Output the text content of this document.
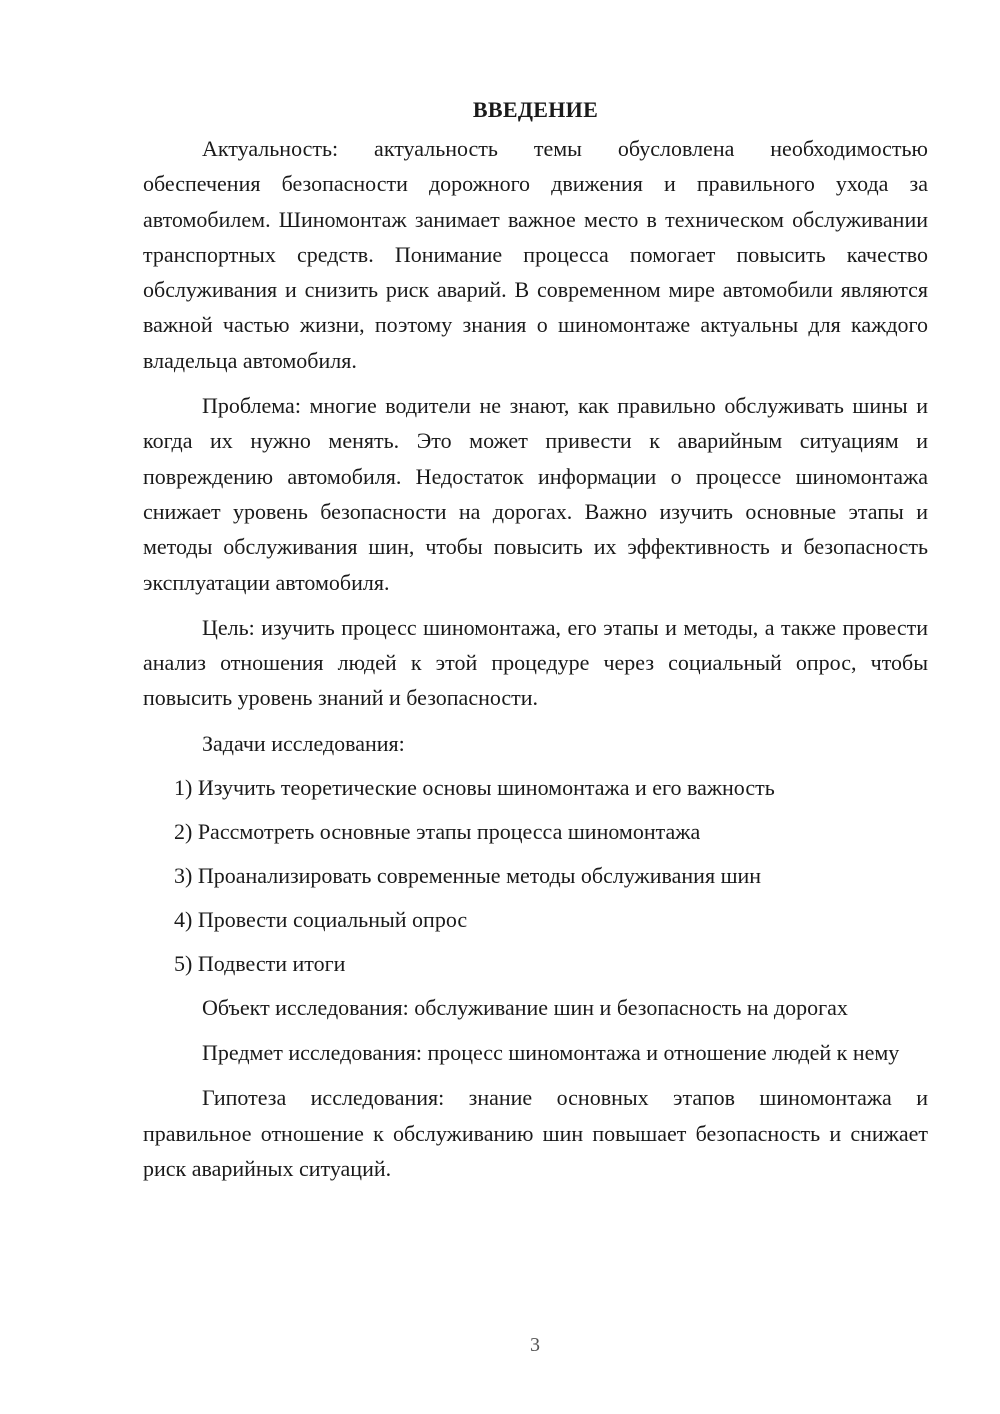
ВВЕДЕНИЕ

Актуальность: актуальность темы обусловлена необходимостью обеспечения безопасности дорожного движения и правильного ухода за автомобилем. Шиномонтаж занимает важное место в техническом обслуживании транспортных средств. Понимание процесса помогает повысить качество обслуживания и снизить риск аварий. В современном мире автомобили являются важной частью жизни, поэтому знания о шиномонтаже актуальны для каждого владельца автомобиля.

Проблема: многие водители не знают, как правильно обслуживать шины и когда их нужно менять. Это может привести к аварийным ситуациям и повреждению автомобиля. Недостаток информации о процессе шиномонтажа снижает уровень безопасности на дорогах. Важно изучить основные этапы и методы обслуживания шин, чтобы повысить их эффективность и безопасность эксплуатации автомобиля.

Цель: изучить процесс шиномонтажа, его этапы и методы, а также провести анализ отношения людей к этой процедуре через социальный опрос, чтобы повысить уровень знаний и безопасности.

Задачи исследования:

1) Изучить теоретические основы шиномонтажа и его важность

2) Рассмотреть основные этапы процесса шиномонтажа

3) Проанализировать современные методы обслуживания шин

4) Провести социальный опрос

5) Подвести итоги

Объект исследования: обслуживание шин и безопасность на дорогах

Предмет исследования: процесс шиномонтажа и отношение людей к нему

Гипотеза исследования: знание основных этапов шиномонтажа и правильное отношение к обслуживанию шин повышает безопасность и снижает риск аварийных ситуаций.

3
